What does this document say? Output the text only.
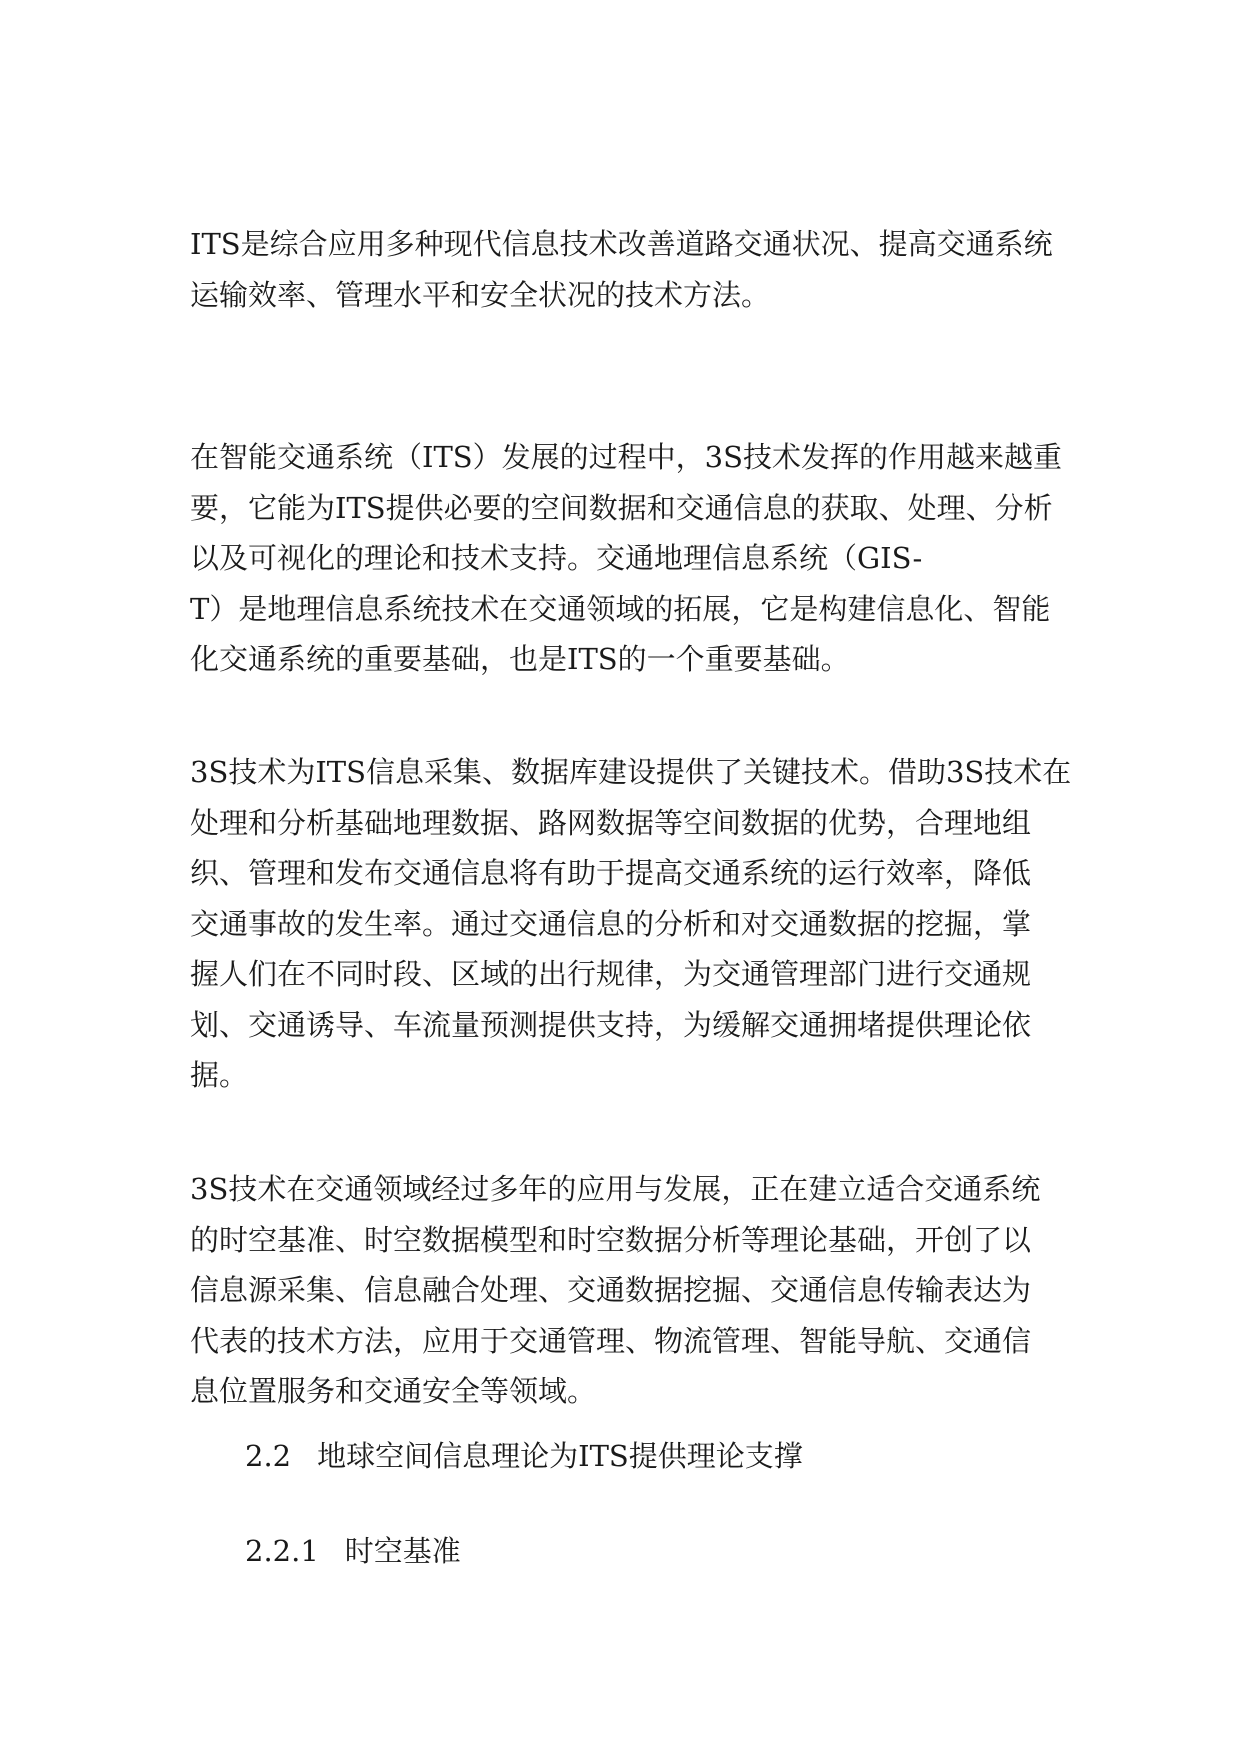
ITS是综合应用多种现代信息技术改善道路交通状况、提高交通系统
运输效率、管理水平和安全状况的技术方法。

在智能交通系统（ITS）发展的过程中，3S技术发挥的作用越来越重
要，它能为ITS提供必要的空间数据和交通信息的获取、处理、分析
以及可视化的理论和技术支持。交通地理信息系统（GIS-
T）是地理信息系统技术在交通领域的拓展，它是构建信息化、智能
化交通系统的重要基础，也是ITS的一个重要基础。

3S技术为ITS信息采集、数据库建设提供了关键技术。借助3S技术在
处理和分析基础地理数据、路网数据等空间数据的优势，合理地组
织、管理和发布交通信息将有助于提高交通系统的运行效率，降低
交通事故的发生率。通过交通信息的分析和对交通数据的挖掘，掌
握人们在不同时段、区域的出行规律，为交通管理部门进行交通规
划、交通诱导、车流量预测提供支持，为缓解交通拥堵提供理论依
据。

3S技术在交通领域经过多年的应用与发展，正在建立适合交通系统
的时空基准、时空数据模型和时空数据分析等理论基础，开创了以
信息源采集、信息融合处理、交通数据挖掘、交通信息传输表达为
代表的技术方法，应用于交通管理、物流管理、智能导航、交通信
息位置服务和交通安全等领域。

2.2 地球空间信息理论为ITS提供理论支撑
2.2.1 时空基准
